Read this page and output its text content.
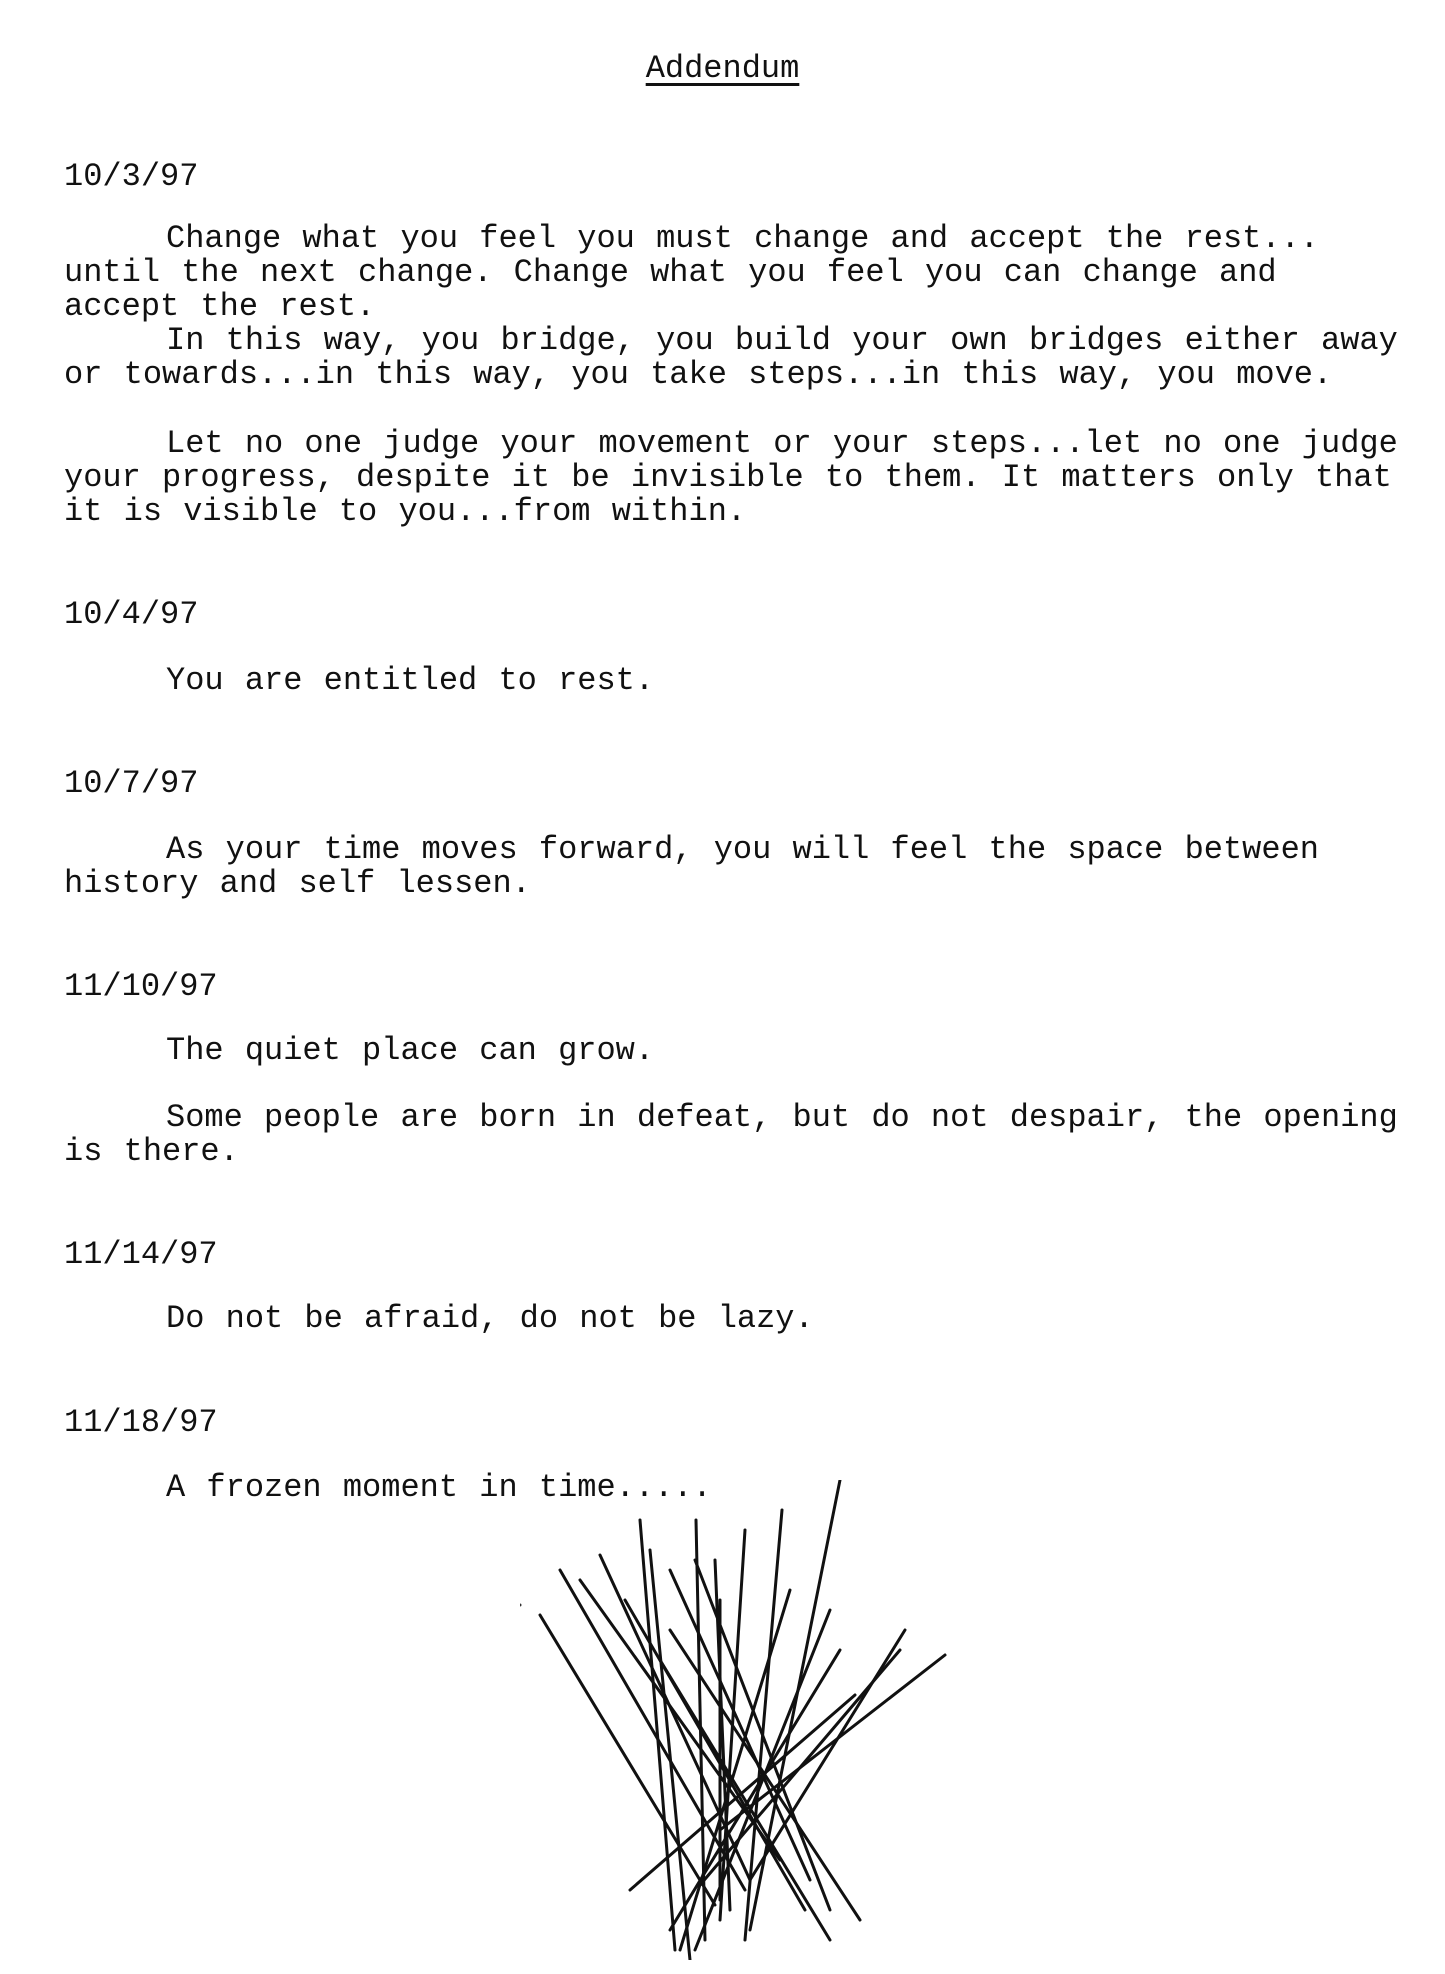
Addendum
10/3/97
Change what you feel you must change and accept the rest... until the next change. Change what you feel you can change and accept the rest.
In this way, you bridge, you build your own bridges either away or towards...in this way, you take steps...in this way, you move.
Let no one judge your movement or your steps...let no one judge your progress, despite it be invisible to them. It matters only that it is visible to you...from within.
10/4/97
You are entitled to rest.
10/7/97
As your time moves forward, you will feel the space between history and self lessen.
11/10/97
The quiet place can grow.
Some people are born in defeat, but do not despair, the opening is there.
11/14/97
Do not be afraid, do not be lazy.
11/18/97
A frozen moment in time.....
